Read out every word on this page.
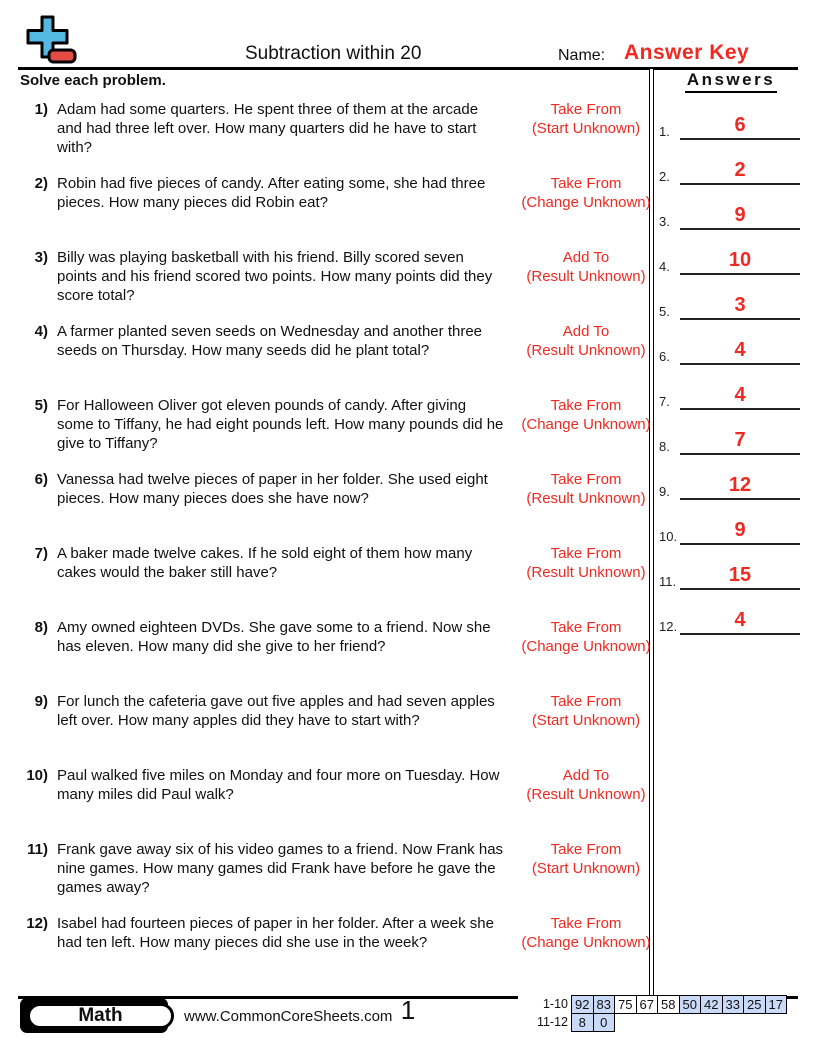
Subtraction within 20	Name: Answer Key
Solve each problem.	Answers
1.	6
2.	2
3.	9
4.	10
5.	3
6.	4
7.	4
8.	7
9.	12
10.	9
11.	15
12.	4
1) Adam had some quarters. He spent three of them at the arcade and had three left over. How many quarters did he have to start with?
Take From
(Start Unknown)
2) Robin had five pieces of candy. After eating some, she had three pieces. How many pieces did Robin eat?
Take From
(Change Unknown)
3) Billy was playing basketball with his friend. Billy scored seven points and his friend scored two points. How many points did they score total?
Add To
(Result Unknown)
4) A farmer planted seven seeds on Wednesday and another three seeds on Thursday. How many seeds did he plant total?
Add To
(Result Unknown)
5) For Halloween Oliver got eleven pounds of candy. After giving some to Tiffany, he had eight pounds left. How many pounds did he give to Tiffany?
Take From
(Change Unknown)
6) Vanessa had twelve pieces of paper in her folder. She used eight pieces. How many pieces does she have now?
Take From
(Result Unknown)
7) A baker made twelve cakes. If he sold eight of them how many cakes would the baker still have?
Take From
(Result Unknown)
8) Amy owned eighteen DVDs. She gave some to a friend. Now she has eleven. How many did she give to her friend?
Take From
(Change Unknown)
9) For lunch the cafeteria gave out five apples and had seven apples left over. How many apples did they have to start with?
Take From
(Start Unknown)
10) Paul walked five miles on Monday and four more on Tuesday. How many miles did Paul walk?
Add To
(Result Unknown)
11) Frank gave away six of his video games to a friend. Now Frank has nine games. How many games did Frank have before he gave the games away?
Take From
(Start Unknown)
12) Isabel had fourteen pieces of paper in her folder. After a week she had ten left. How many pieces did she use in the week?
Take From
(Change Unknown)
Math	www.CommonCoreSheets.com 1	1-10 92 83 75 67 58 50 42 33 25 17
11-12 8	0
